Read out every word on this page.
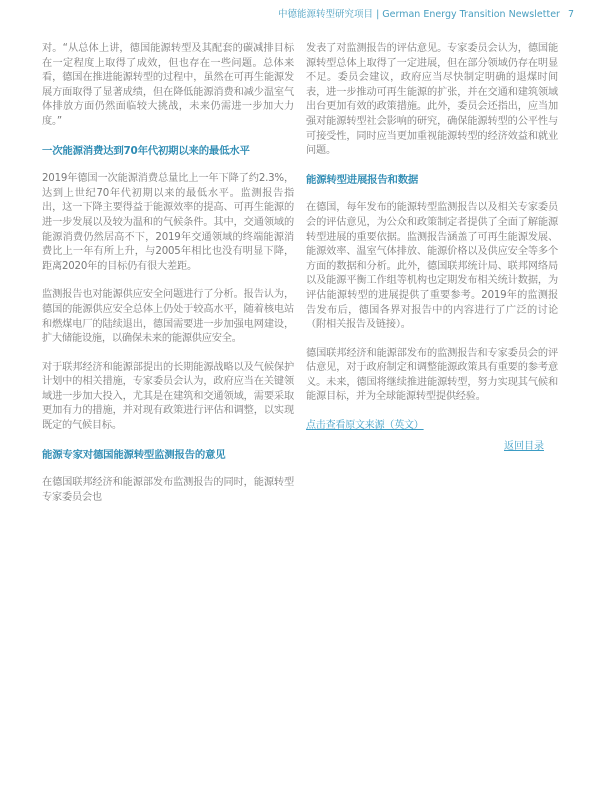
中德能源转型研究项目 | German Energy Transition Newsletter 7

对。“从总体上讲，德国能源转型及其配套的碳减排目标在一定程度上取得了成效，但也存在一些问题。总体来看，德国在推进能源转型的过程中，虽然在可再生能源发展方面取得了显著成绩，但在降低能源消费和减少温室气体排放方面仍然面临较大挑战，未来仍需进一步加大力度。”

一次能源消费达到70年代初期以来的最低水平

2019年德国一次能源消费总量比上一年下降了约2.3%，达到上世纪70年代初期以来的最低水平。监测报告指出，这一下降主要得益于能源效率的提高、可再生能源的进一步发展以及较为温和的气候条件。其中，交通领域的能源消费仍然居高不下，2019年交通领域的终端能源消费比上一年有所上升，与2005年相比也没有明显下降，距离2020年的目标仍有很大差距。

监测报告也对能源供应安全问题进行了分析。报告认为，德国的能源供应安全总体上仍处于较高水平，随着核电站和燃煤电厂的陆续退出，德国需要进一步加强电网建设，扩大储能设施，以确保未来的能源供应安全。

对于联邦经济和能源部提出的长期能源战略以及气候保护计划中的相关措施，专家委员会认为，政府应当在关键领域进一步加大投入，尤其是在建筑和交通领域，需要采取更加有力的措施，并对现有政策进行评估和调整，以实现既定的气候目标。

能源专家对德国能源转型监测报告的意见

在德国联邦经济和能源部发布监测报告的同时，能源转型专家委员会也

发表了对监测报告的评估意见。专家委员会认为，德国能源转型总体上取得了一定进展，但在部分领域仍存在明显不足。委员会建议，政府应当尽快制定明确的退煤时间表，进一步推动可再生能源的扩张，并在交通和建筑领域出台更加有效的政策措施。此外，委员会还指出，应当加强对能源转型社会影响的研究，确保能源转型的公平性与可接受性，同时应当更加重视能源转型的经济效益和就业问题。

能源转型进展报告和数据

在德国，每年发布的能源转型监测报告以及相关专家委员会的评估意见，为公众和政策制定者提供了全面了解能源转型进展的重要依据。监测报告涵盖了可再生能源发展、能源效率、温室气体排放、能源价格以及供应安全等多个方面的数据和分析。此外，德国联邦统计局、联邦网络局以及能源平衡工作组等机构也定期发布相关统计数据，为评估能源转型的进展提供了重要参考。2019年的监测报告发布后，德国各界对报告中的内容进行了广泛的讨论（附相关报告及链接）。

德国联邦经济和能源部发布的监测报告和专家委员会的评估意见，对于政府制定和调整能源政策具有重要的参考意义。未来，德国将继续推进能源转型，努力实现其气候和能源目标，并为全球能源转型提供经验。

点击查看原文来源（英文）
返回目录
